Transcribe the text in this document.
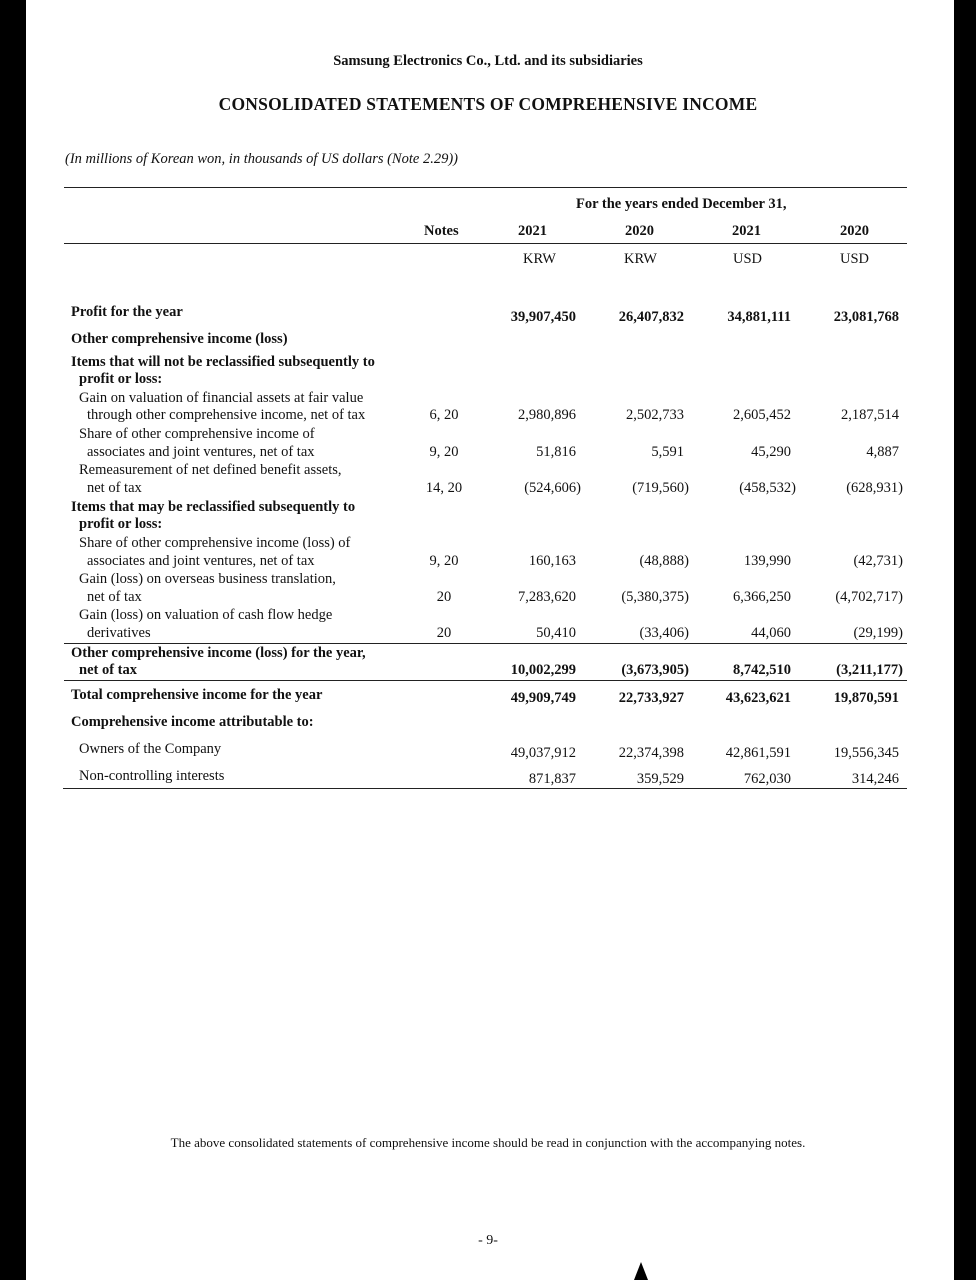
Samsung Electronics Co., Ltd. and its subsidiaries
CONSOLIDATED STATEMENTS OF COMPREHENSIVE INCOME
(In millions of Korean won, in thousands of US dollars (Note 2.29))
For the years ended December 31,
Notes	2021	2020	2021	2020
KRW	KRW	USD	USD
Profit for the year	39,907,450	26,407,832	34,881,111	23,081,768
Other comprehensive income (loss)
Items that will not be reclassified subsequently to
profit or loss:
Gain on valuation of financial assets at fair value
through other comprehensive income, net of tax	6, 20	2,980,896	2,502,733	2,605,452	2,187,514
Share of other comprehensive income of
associates and joint ventures, net of tax	9, 20	51,816	5,591	45,290	4,887
Remeasurement of net defined benefit assets,
net of tax	14, 20	(524,606)	(719,560)	(458,532)	(628,931)
Items that may be reclassified subsequently to
profit or loss:
Share of other comprehensive income (loss) of
associates and joint ventures, net of tax	9, 20	160,163	(48,888)	139,990	(42,731)
Gain (loss) on overseas business translation,
net of tax	20	7,283,620	(5,380,375)	6,366,250	(4,702,717)
Gain (loss) on valuation of cash flow hedge
derivatives	20	50,410	(33,406)	44,060	(29,199)
Other comprehensive income (loss) for the year,
net of tax	10,002,299	(3,673,905)	8,742,510	(3,211,177)
Total comprehensive income for the year	49,909,749	22,733,927	43,623,621	19,870,591
Comprehensive income attributable to:
Owners of the Company	49,037,912	22,374,398	42,861,591	19,556,345
Non-controlling interests	871,837	359,529	762,030	314,246
The above consolidated statements of comprehensive income should be read in conjunction with the accompanying notes.
- 9-
